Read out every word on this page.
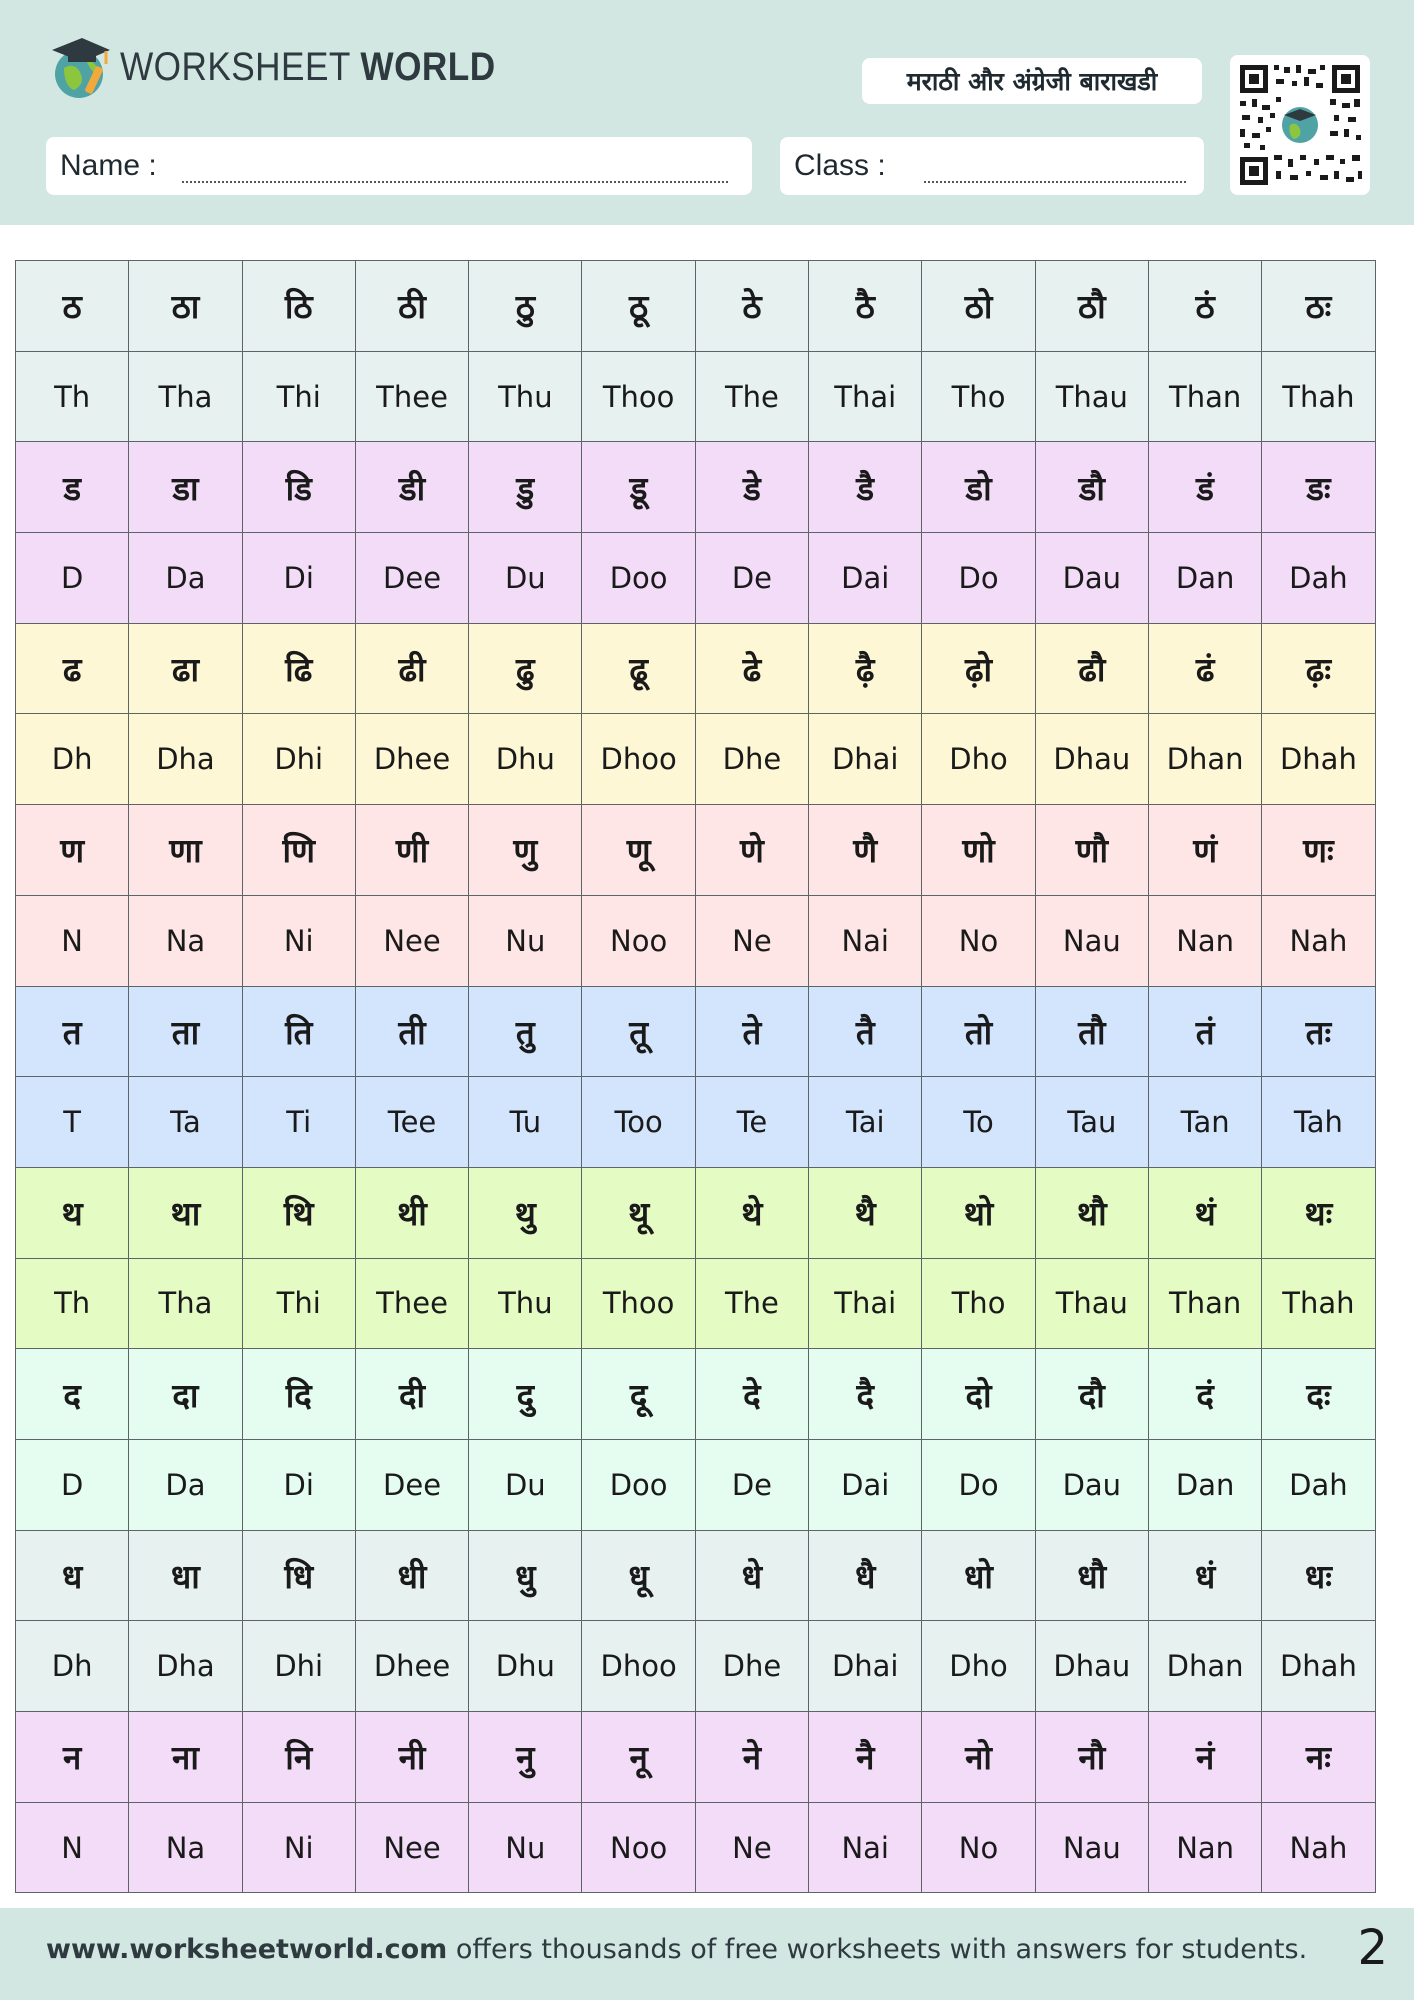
WORKSHEET WORLD	मराठी और अंग्रेजी बाराखडी
Name :	Class :
ठ	ठा	ठि	ठी	ठु	ठू	ठे	ठै	ठो	ठौ	ठं	ठः
Th	Tha	Thi	Thee	Thu	Thoo	The	Thai	Tho	Thau	Than	Thah
ड	डा	डि	डी	डु	डू	डे	डै	डो	डौ	डं	डः
D	Da	Di	Dee	Du	Doo	De	Dai	Do	Dau	Dan	Dah
ढ	ढा	ढि	ढी	ढु	ढू	ढे	ढ़ै	ढ़ो	ढौ	ढं	ढ़ः
Dh	Dha	Dhi	Dhee	Dhu	Dhoo	Dhe	Dhai	Dho	Dhau	Dhan	Dhah
ण	णा	णि	णी	णु	णू	णे	णै	णो	णौ	णं	णः
N	Na	Ni	Nee	Nu	Noo	Ne	Nai	No	Nau	Nan	Nah
त	ता	ति	ती	तु	तू	ते	तै	तो	तौ	तं	तः
T	Ta	Ti	Tee	Tu	Too	Te	Tai	To	Tau	Tan	Tah
थ	था	थि	थी	थु	थू	थे	थै	थो	थौ	थं	थः
Th	Tha	Thi	Thee	Thu	Thoo	The	Thai	Tho	Thau	Than	Thah
द	दा	दि	दी	दु	दू	दे	दै	दो	दौ	दं	दः
D	Da	Di	Dee	Du	Doo	De	Dai	Do	Dau	Dan	Dah
ध	धा	धि	धी	धु	धू	धे	धै	धो	धौ	धं	धः
Dh	Dha	Dhi	Dhee	Dhu	Dhoo	Dhe	Dhai	Dho	Dhau	Dhan	Dhah
न	ना	नि	नी	नु	नू	ने	नै	नो	नौ	नं	नः
N	Na	Ni	Nee	Nu	Noo	Ne	Nai	No	Nau	Nan	Nah
www.worksheetworld.com offers thousands of free worksheets with answers for students. 2
